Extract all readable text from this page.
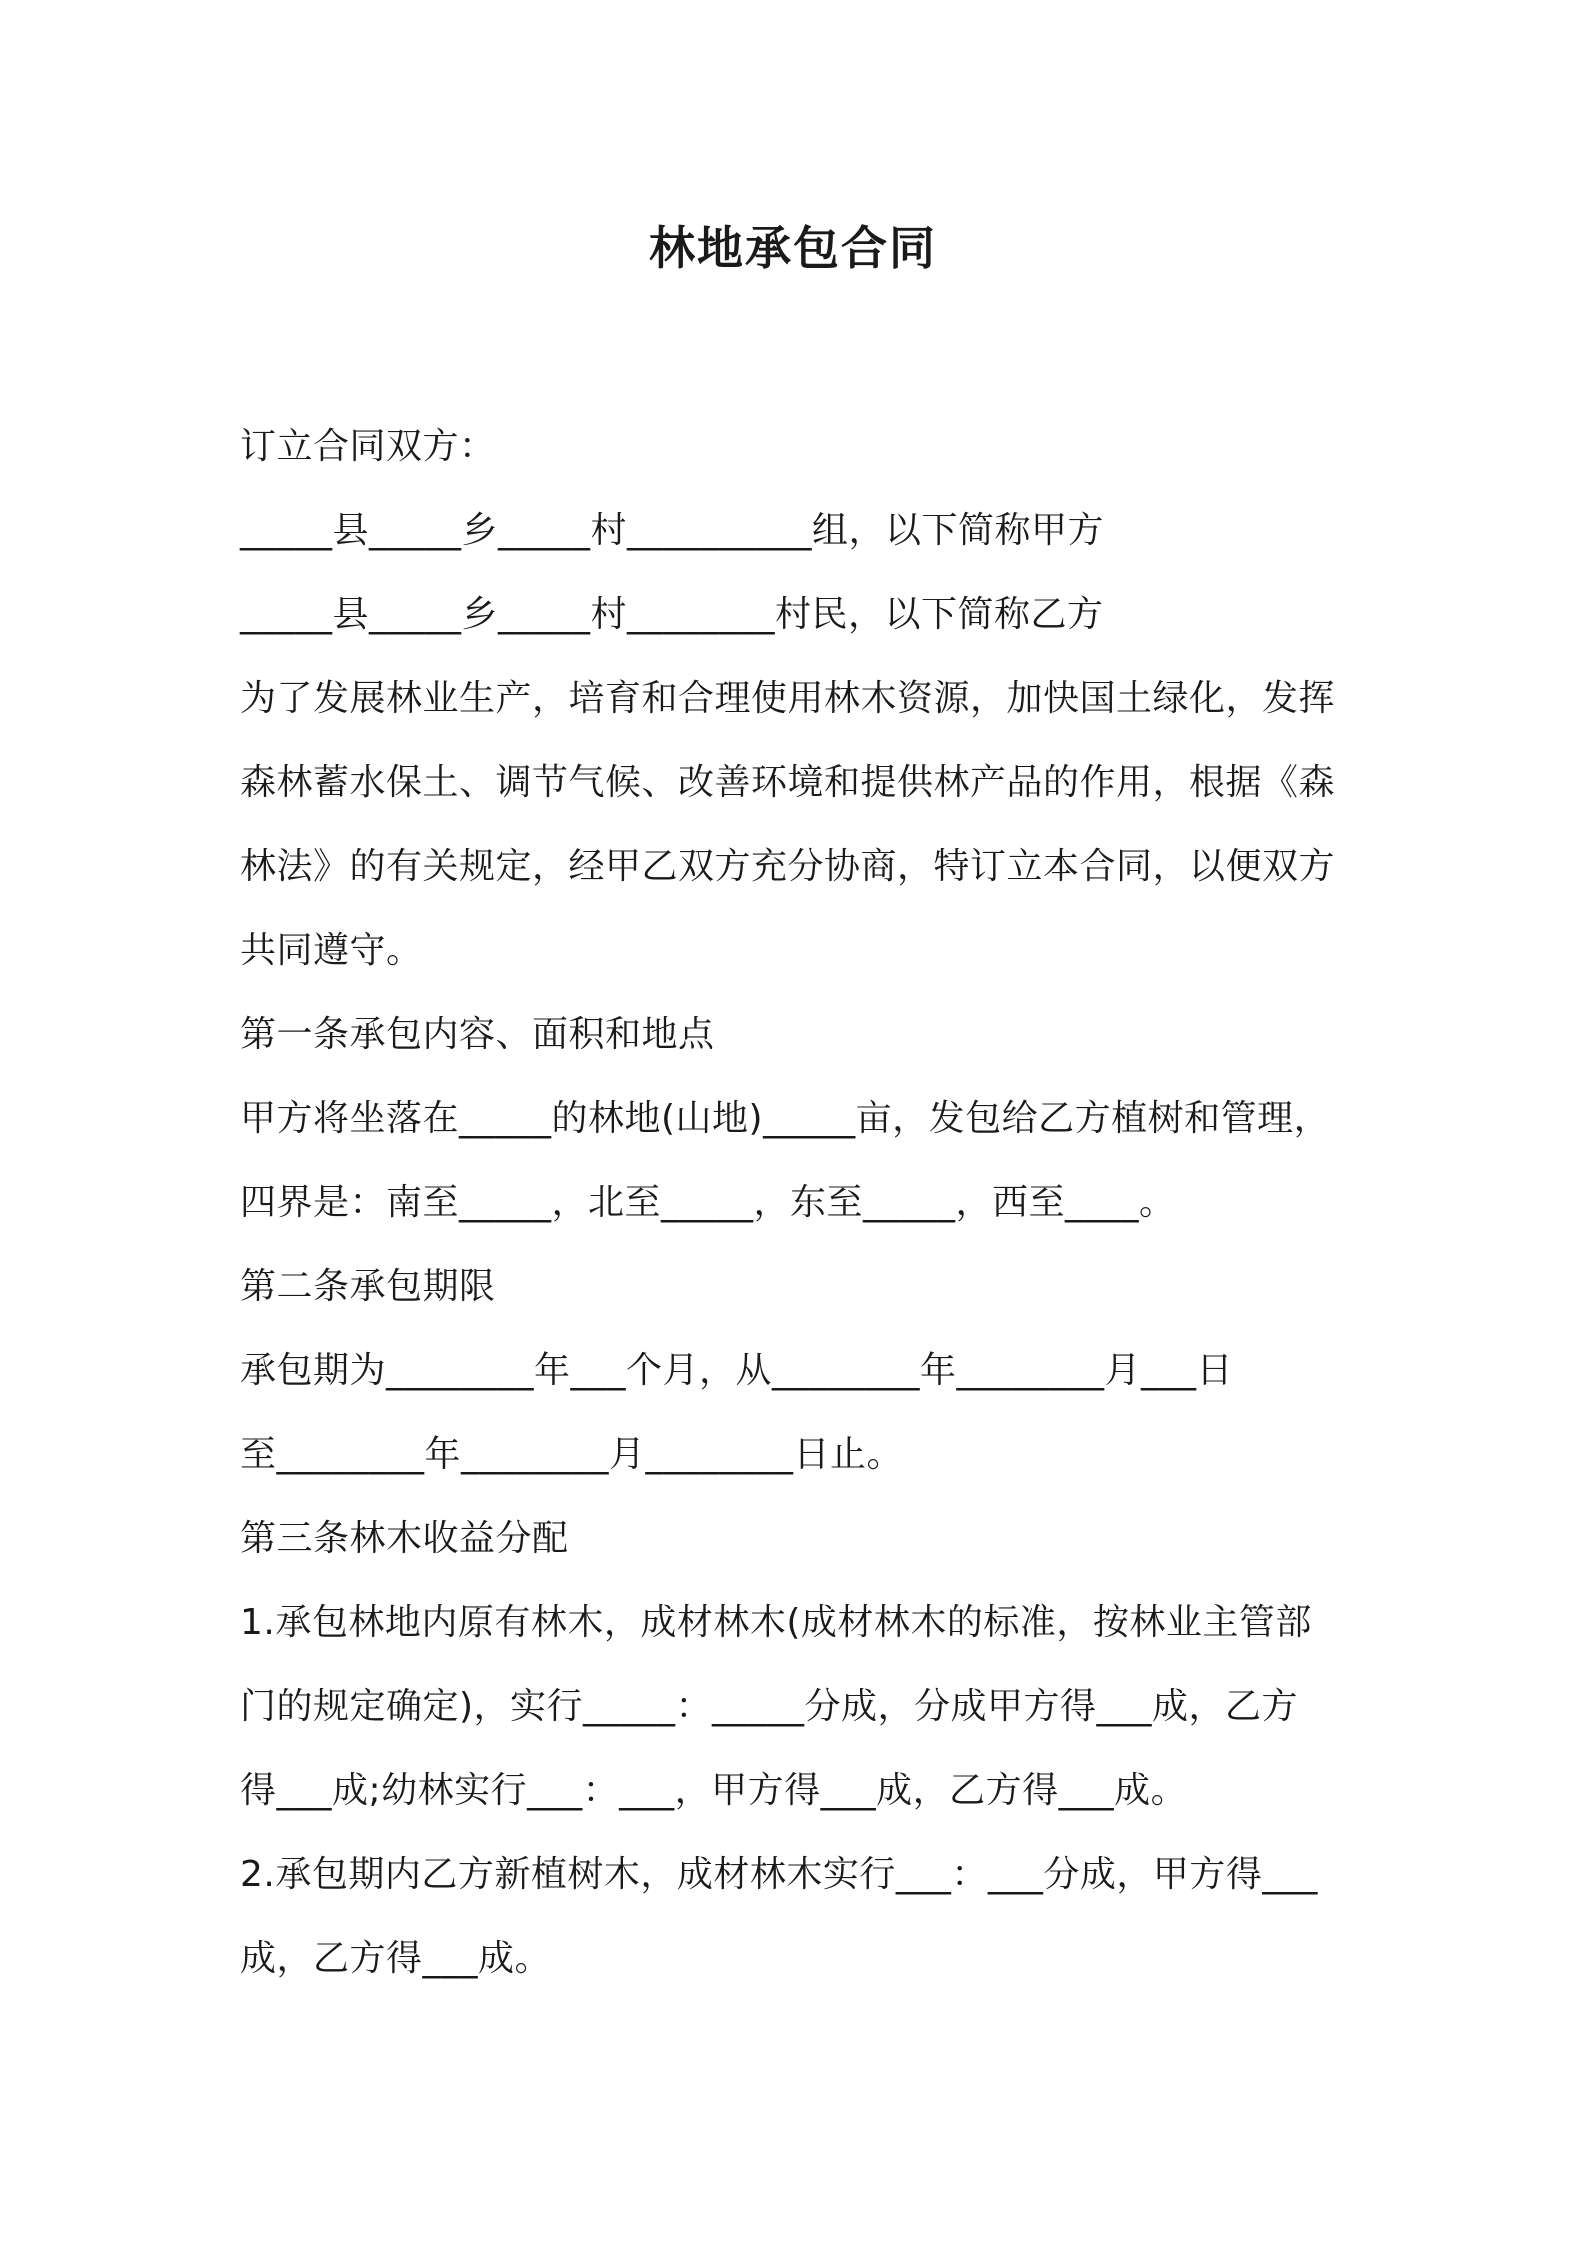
林地承包合同
订立合同双方：
_____县_____乡_____村__________组，以下简称甲方
_____县_____乡_____村________村民，以下简称乙方
为了发展林业生产，培育和合理使用林木资源，加快国土绿化，发挥
森林蓄水保土、调节气候、改善环境和提供林产品的作用，根据《森
林法》的有关规定，经甲乙双方充分协商，特订立本合同，以便双方
共同遵守。
第一条承包内容、面积和地点
甲方将坐落在_____的林地(山地)_____亩，发包给乙方植树和管理，
四界是：南至_____，北至_____，东至_____，西至____。
第二条承包期限
承包期为________年___个月，从________年________月___日
至________年________月________日止。
第三条林木收益分配
1.承包林地内原有林木，成材林木(成材林木的标准，按林业主管部
门的规定确定)，实行_____：_____分成，分成甲方得___成，乙方
得___成;幼林实行___：___，甲方得___成，乙方得___成。
2.承包期内乙方新植树木，成材林木实行___：___分成，甲方得___
成，乙方得___成。
